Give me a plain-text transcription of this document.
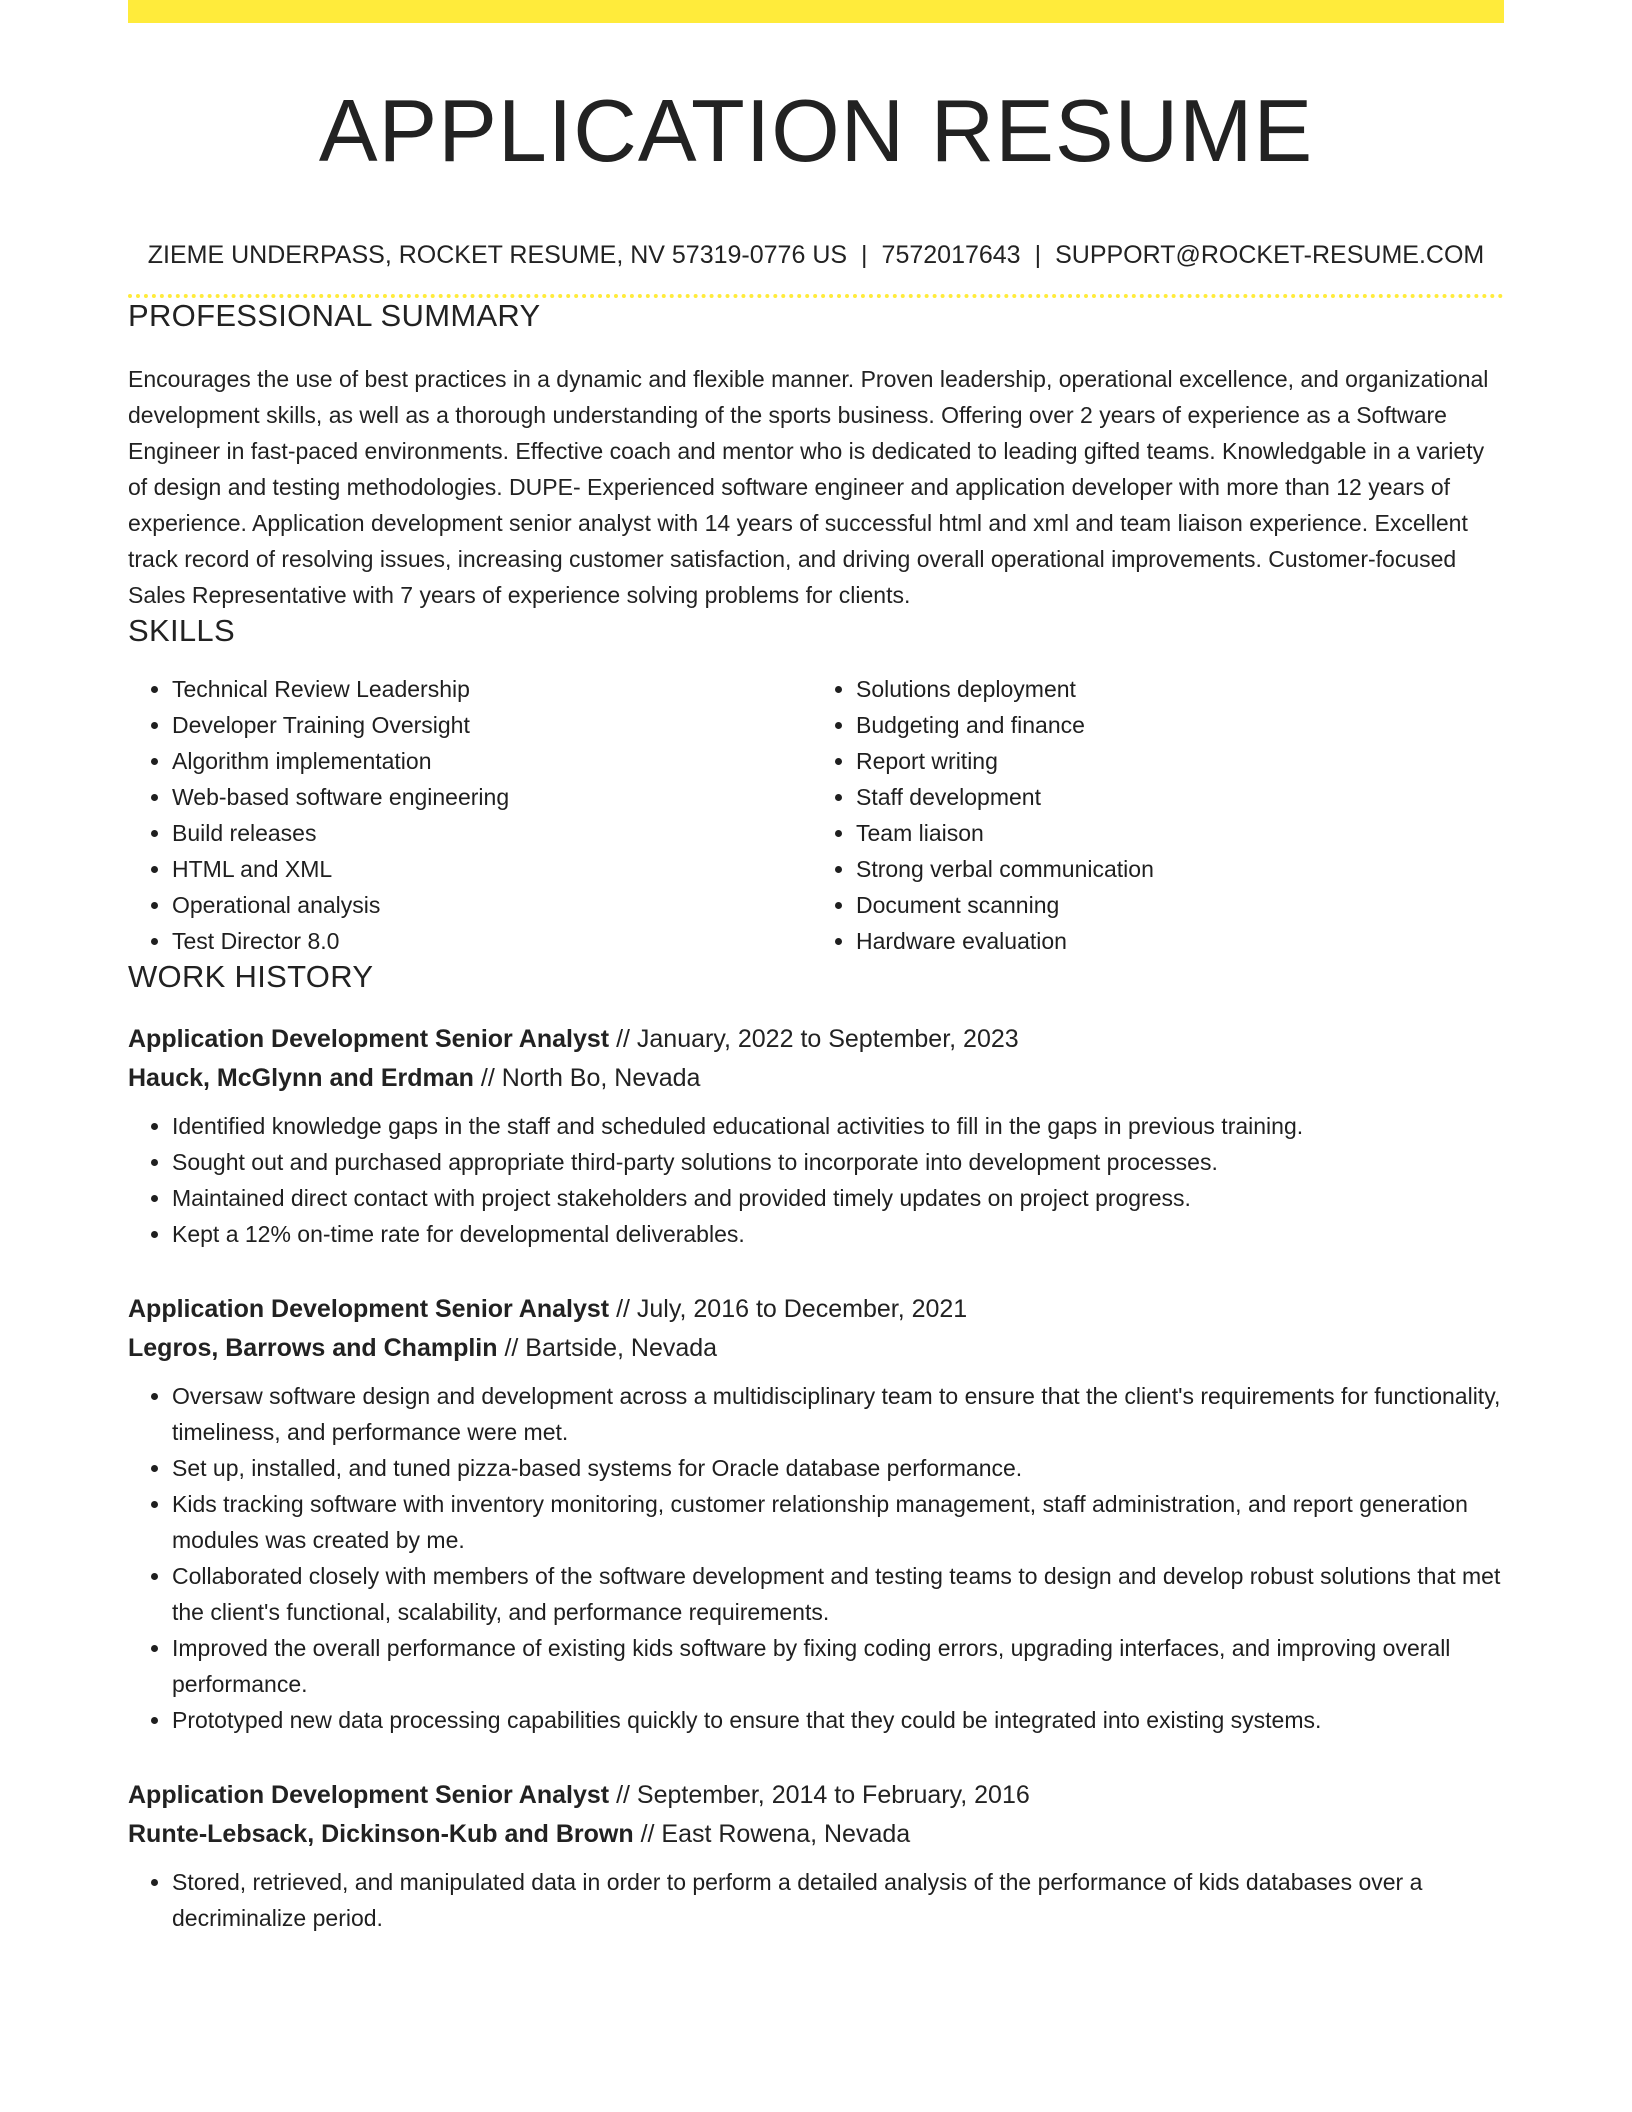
APPLICATION RESUME
ZIEME UNDERPASS, ROCKET RESUME, NV 57319-0776 US | 7572017643 | SUPPORT@ROCKET-RESUME.COM
PROFESSIONAL SUMMARY
Encourages the use of best practices in a dynamic and flexible manner. Proven leadership, operational excellence, and organizational development skills, as well as a thorough understanding of the sports business. Offering over 2 years of experience as a Software Engineer in fast-paced environments. Effective coach and mentor who is dedicated to leading gifted teams. Knowledgable in a variety of design and testing methodologies. DUPE- Experienced software engineer and application developer with more than 12 years of experience. Application development senior analyst with 14 years of successful html and xml and team liaison experience. Excellent track record of resolving issues, increasing customer satisfaction, and driving overall operational improvements. Customer-focused Sales Representative with 7 years of experience solving problems for clients.
SKILLS
• Technical Review Leadership
• Developer Training Oversight
• Algorithm implementation
• Web-based software engineering
• Build releases
• HTML and XML
• Operational analysis
• Test Director 8.0
• Solutions deployment
• Budgeting and finance
• Report writing
• Staff development
• Team liaison
• Strong verbal communication
• Document scanning
• Hardware evaluation
WORK HISTORY
Application Development Senior Analyst // January, 2022 to September, 2023
Hauck, McGlynn and Erdman // North Bo, Nevada
• Identified knowledge gaps in the staff and scheduled educational activities to fill in the gaps in previous training.
• Sought out and purchased appropriate third-party solutions to incorporate into development processes.
• Maintained direct contact with project stakeholders and provided timely updates on project progress.
• Kept a 12% on-time rate for developmental deliverables.
Application Development Senior Analyst // July, 2016 to December, 2021
Legros, Barrows and Champlin // Bartside, Nevada
• Oversaw software design and development across a multidisciplinary team to ensure that the client's requirements for functionality, timeliness, and performance were met.
• Set up, installed, and tuned pizza-based systems for Oracle database performance.
• Kids tracking software with inventory monitoring, customer relationship management, staff administration, and report generation modules was created by me.
• Collaborated closely with members of the software development and testing teams to design and develop robust solutions that met the client's functional, scalability, and performance requirements.
• Improved the overall performance of existing kids software by fixing coding errors, upgrading interfaces, and improving overall performance.
• Prototyped new data processing capabilities quickly to ensure that they could be integrated into existing systems.
Application Development Senior Analyst // September, 2014 to February, 2016
Runte-Lebsack, Dickinson-Kub and Brown // East Rowena, Nevada
• Stored, retrieved, and manipulated data in order to perform a detailed analysis of the performance of kids databases over a decriminalize period.
